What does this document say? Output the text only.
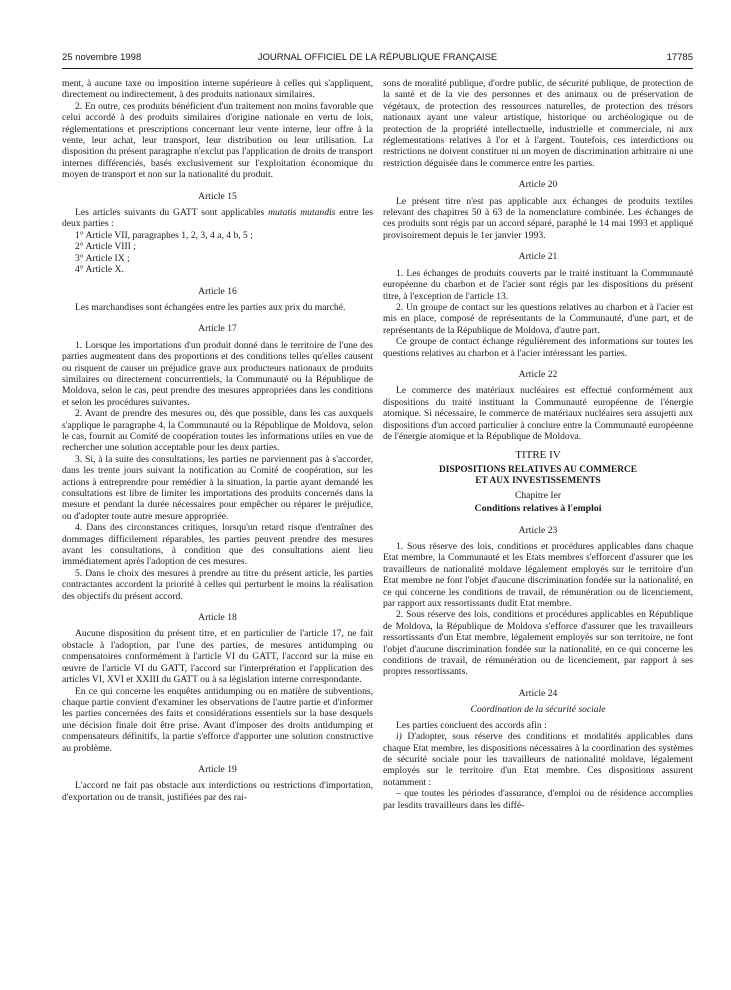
25 novembre 1998	JOURNAL OFFICIEL DE LA RÉPUBLIQUE FRANÇAISE	17785

ment, à aucune taxe ou imposition interne supérieure à celles qui s'appliquent, directement ou indirectement, à des produits nationaux similaires.

2. En outre, ces produits bénéficient d'un traitement non moins favorable que celui accordé à des produits similaires d'origine nationale en vertu de lois, réglementations et prescriptions concernant leur vente interne, leur offre à la vente, leur achat, leur transport, leur distribution ou leur utilisation. La disposition du présent paragraphe n'exclut pas l'application de droits de transport internes différenciés, basés exclusivement sur l'exploitation économique du moyen de transport et non sur la nationalité du produit.

Article 15

Les articles suivants du GATT sont applicables mutatis mutandis entre les deux parties :

1° Article VII, paragraphes 1, 2, 3, 4 a, 4 b, 5 ;
2° Article VIII ;
3° Article IX ;
4° Article X.
Article 16

Les marchandises sont échangées entre les parties aux prix du marché.

Article 17

1. Lorsque les importations d'un produit donné dans le territoire de l'une des parties augmentent dans des proportions et des conditions telles qu'elles causent ou risquent de causer un préjudice grave aux producteurs nationaux de produits similaires ou directement concurrentiels, la Communauté ou la République de Moldova, selon le cas, peut prendre des mesures appropriées dans les conditions et selon les procédures suivantes.

2. Avant de prendre des mesures ou, dès que possible, dans les cas auxquels s'applique le paragraphe 4, la Communauté ou la République de Moldova, selon le cas, fournit au Comité de coopération toutes les informations utiles en vue de rechercher une solution acceptable pour les deux parties.

3. Si, à la suite des consultations, les parties ne parviennent pas à s'accorder, dans les trente jours suivant la notification au Comité de coopération, sur les actions à entreprendre pour remédier à la situation, la partie ayant demandé les consultations est libre de limiter les importations des produits concernés dans la mesure et pendant la durée nécessaires pour empêcher ou réparer le préjudice, ou d'adopter toute autre mesure appropriée.

4. Dans des circonstances critiques, lorsqu'un retard risque d'entraîner des dommages difficilement réparables, les parties peuvent prendre des mesures avant les consultations, à condition que des consultations aient lieu immédiatement après l'adoption de ces mesures.

5. Dans le choix des mesures à prendre au titre du présent article, les parties contractantes accordent la priorité à celles qui perturbent le moins la réalisation des objectifs du présent accord.

Article 18

Aucune disposition du présent titre, et en particulier de l'article 17, ne fait obstacle à l'adoption, par l'une des parties, de mesures antidumping ou compensatoires conformément à l'article VI du GATT, l'accord sur la mise en œuvre de l'article VI du GATT, l'accord sur l'interprétation et l'application des articles VI, XVI et XXIII du GATT ou à sa législation interne correspondante.

En ce qui concerne les enquêtes antidumping ou en matière de subventions, chaque partie convient d'examiner les observations de l'autre partie et d'informer les parties concernées des faits et considérations essentiels sur la base desquels une décision finale doit être prise. Avant d'imposer des droits antidumping et compensateurs définitifs, la partie s'efforce d'apporter une solution constructive au problème.

Article 19

L'accord ne fait pas obstacle aux interdictions ou restrictions d'importation, d'exportation ou de transit, justifiées par des rai-

sons de moralité publique, d'ordre public, de sécurité publique, de protection de la santé et de la vie des personnes et des animaux ou de préservation de végétaux, de protection des ressources naturelles, de protection des trésors nationaux ayant une valeur artistique, historique ou archéologique ou de protection de la propriété intellectuelle, industrielle et commerciale, ni aux réglementations relatives à l'or et à l'argent. Toutefois, ces interdictions ou restrictions ne doivent constituer ni un moyen de discrimination arbitraire ni une restriction déguisée dans le commerce entre les parties.

Article 20

Le présent titre n'est pas applicable aux échanges de produits textiles relevant des chapitres 50 à 63 de la nomenclature combinée. Les échanges de ces produits sont régis par un accord séparé, paraphé le 14 mai 1993 et appliqué provisoirement depuis le 1er janvier 1993.

Article 21

1. Les échanges de produits couverts par le traité instituant la Communauté européenne du charbon et de l'acier sont régis par les dispositions du présent titre, à l'exception de l'article 13.

2. Un groupe de contact sur les questions relatives au charbon et à l'acier est mis en place, composé de représentants de la Communauté, d'une part, et de représentants de la République de Moldova, d'autre part.

Ce groupe de contact échange régulièrement des informations sur toutes les questions relatives au charbon et à l'acier intéressant les parties.

Article 22

Le commerce des matériaux nucléaires est effectué conformément aux dispositions du traité instituant la Communauté européenne de l'énergie atomique. Si nécessaire, le commerce de matériaux nucléaires sera assujetti aux dispositions d'un accord particulier à conclure entre la Communauté européenne de l'énergie atomique et la République de Moldova.

TITRE IV
DISPOSITIONS RELATIVES AU COMMERCE
ET AUX INVESTISSEMENTS
Chapitre Ier
Conditions relatives à l'emploi
Article 23

1. Sous réserve des lois, conditions et procédures applicables dans chaque Etat membre, la Communauté et les Etats membres s'efforcent d'assurer que les travailleurs de nationalité moldave légalement employés sur le territoire d'un Etat membre ne font l'objet d'aucune discrimination fondée sur la nationalité, en ce qui concerne les conditions de travail, de rémunération ou de licenciement, par rapport aux ressortissants dudit Etat membre.

2. Sous réserve des lois, conditions et procédures applicables en République de Moldova, la République de Moldova s'efforce d'assurer que les travailleurs ressortissants d'un Etat membre, légalement employés sur son territoire, ne font l'objet d'aucune discrimination fondée sur la nationalité, en ce qui concerne les conditions de travail, de rémunération ou de licenciement, par rapport à ses propres ressortissants.

Article 24
Coordination de la sécurité sociale

Les parties concluent des accords afin :

i) D'adopter, sous réserve des conditions et modalités applicables dans chaque Etat membre, les dispositions nécessaires à la coordination des systèmes de sécurité sociale pour les travailleurs de nationalité moldave, légalement employés sur le territoire d'un Etat membre. Ces dispositions assurent notamment :

– que toutes les périodes d'assurance, d'emploi ou de résidence accomplies par lesdits travailleurs dans les diffé-
